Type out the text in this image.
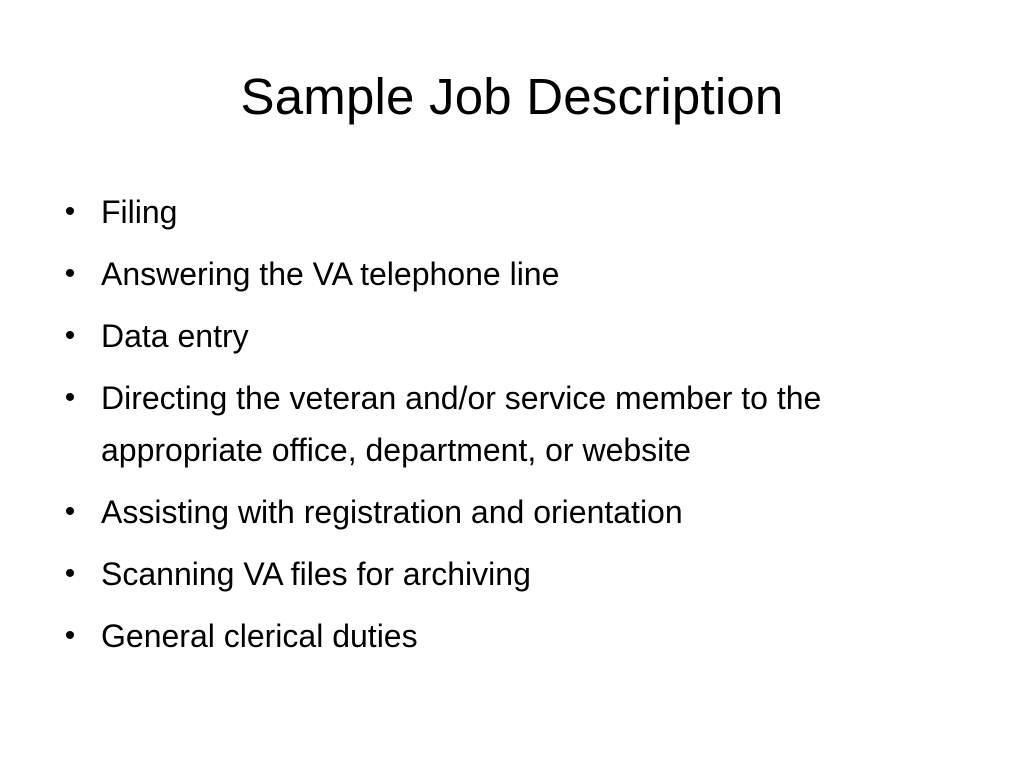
Sample Job Description
• Filing
• Answering the VA telephone line
• Data entry
• Directing the veteran and/or service member to the appropriate office, department, or website
• Assisting with registration and orientation
• Scanning VA files for archiving
• General clerical duties
